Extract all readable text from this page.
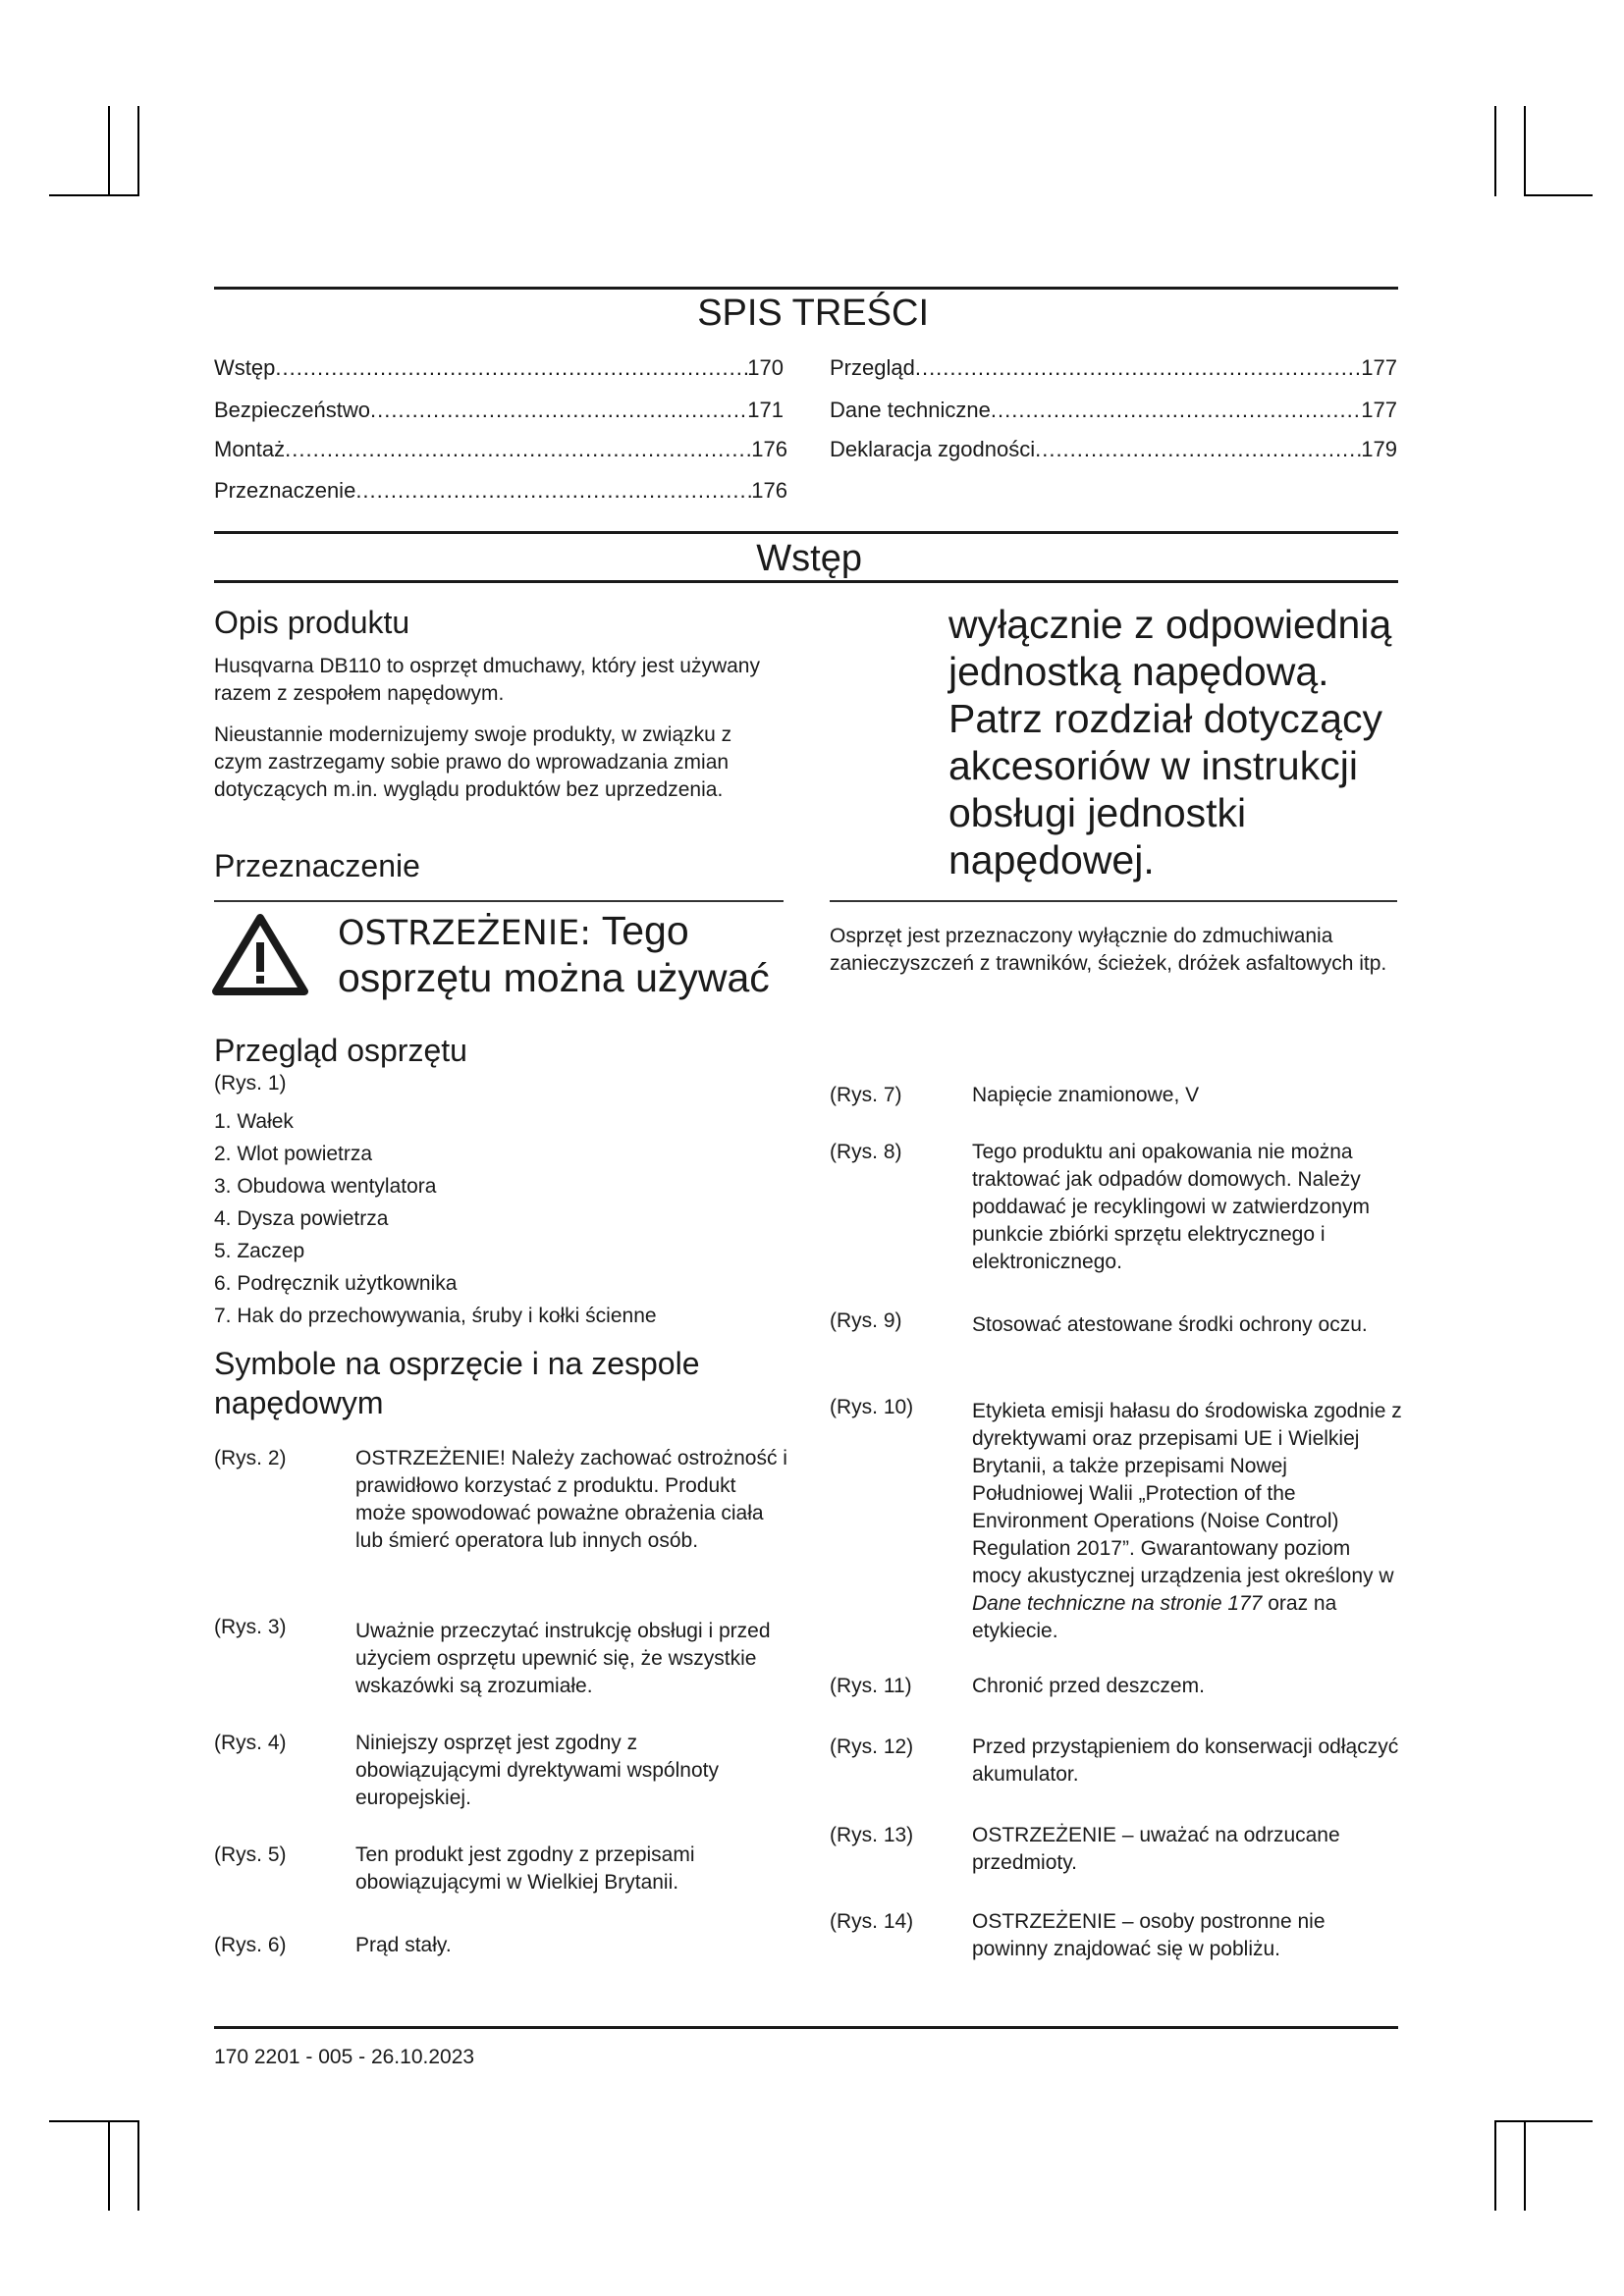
SPIS TREŚCI
Wstęp .....	170
Bezpieczeństwo .....	171
Montaż .....	176
Przeznaczenie .....	176
Przegląd .....	177
Dane techniczne .....	177
Deklaracja zgodności .....	179
Wstęp
Opis produktu
Husqvarna DB110 to osprzęt dmuchawy, który jest używany razem z zespołem napędowym.
Nieustannie modernizujemy swoje produkty, w związku z czym zastrzegamy sobie prawo do wprowadzania zmian dotyczących m.in. wyglądu produktów bez uprzedzenia.
Przeznaczenie
OSTRZEŻENIE: Tego
osprzętu można używać
Przegląd osprzętu
(Rys. 1)
1. Wałek
2. Wlot powietrza
3. Obudowa wentylatora
4. Dysza powietrza
5. Zaczep
6. Podręcznik użytkownika
7. Hak do przechowywania, śruby i kołki ścienne
Symbole na osprzęcie i na zespole
napędowym
(Rys. 2)	OSTRZEŻENIE! Należy zachować ostrożność i prawidłowo korzystać z produktu. Produkt może spowodować poważne obrażenia ciała lub śmierć operatora lub innych osób.
(Rys. 3)	Uważnie przeczytać instrukcję obsługi i przed użyciem osprzętu upewnić się, że wszystkie wskazówki są zrozumiałe.
(Rys. 4)	Niniejszy osprzęt jest zgodny z obowiązującymi dyrektywami wspólnoty europejskiej.
(Rys. 5)	Ten produkt jest zgodny z przepisami obowiązującymi w Wielkiej Brytanii.
(Rys. 6)	Prąd stały.
wyłącznie z odpowiednią
jednostką napędową.
Patrz rozdział dotyczący
akcesoriów w instrukcji
obsługi jednostki
napędowej.
Osprzęt jest przeznaczony wyłącznie do zdmuchiwania zanieczyszczeń z trawników, ścieżek, dróżek asfaltowych itp.
(Rys. 7)	Napięcie znamionowe, V
(Rys. 8)	Tego produktu ani opakowania nie można traktować jak odpadów domowych. Należy poddawać je recyklingowi w zatwierdzonym punkcie zbiórki sprzętu elektrycznego i elektronicznego.
(Rys. 9)	Stosować atestowane środki ochrony oczu.
(Rys. 10)	Etykieta emisji hałasu do środowiska zgodnie z dyrektywami oraz przepisami UE i Wielkiej Brytanii, a także przepisami Nowej Południowej Walii „Protection of the Environment Operations (Noise Control) Regulation 2017”. Gwarantowany poziom mocy akustycznej urządzenia jest określony w Dane techniczne na stronie 177 oraz na etykiecie.
(Rys. 11)	Chronić przed deszczem.
(Rys. 12)	Przed przystąpieniem do konserwacji odłączyć akumulator.
(Rys. 13)	OSTRZEŻENIE – uważać na odrzucane przedmioty.
(Rys. 14)	OSTRZEŻENIE – osoby postronne nie powinny znajdować się w pobliżu.
170 2201 - 005 - 26.10.2023
